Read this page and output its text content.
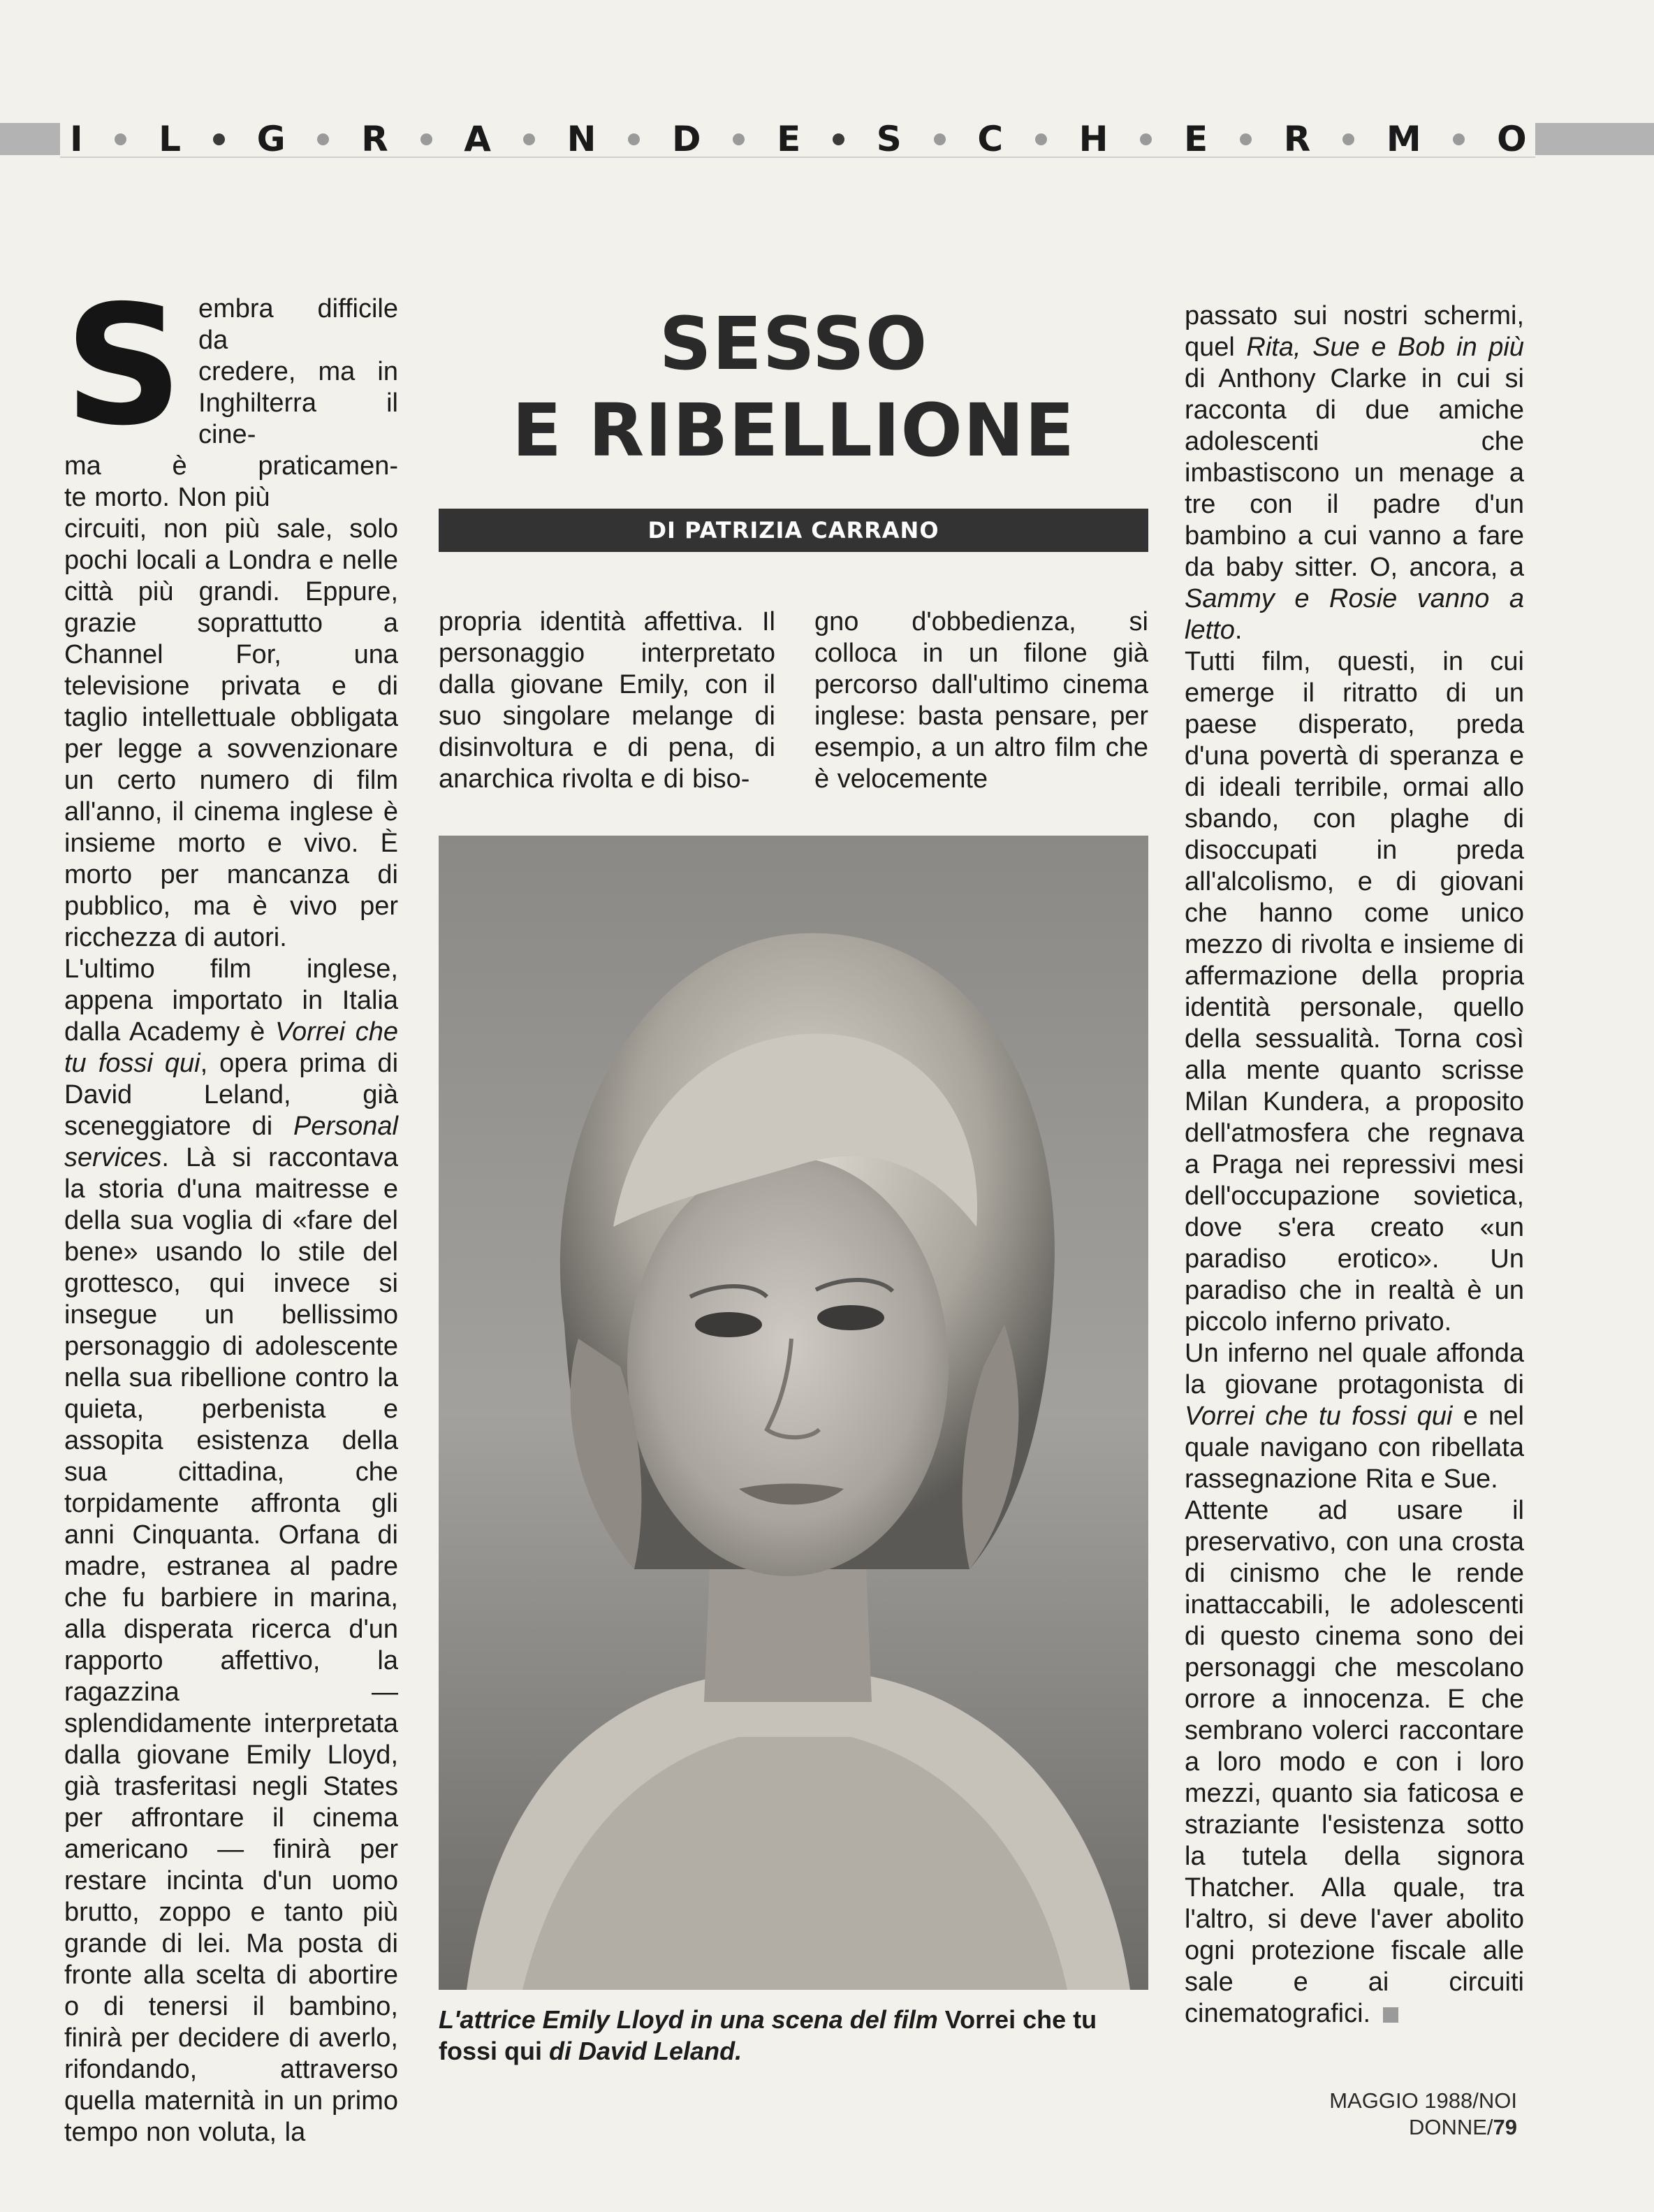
I L G R A N D E S C H E R M O
S embra difficile da
credere, ma in
Inghilterra il cine-
ma è praticamen-
te morto. Non più

circuiti, non più sale, solo pochi locali a Londra e nelle città più grandi. Eppure, grazie soprattutto a Channel For, una televisione privata e di taglio intellettuale obbligata per legge a sovvenzionare un certo numero di film all'anno, il cinema inglese è insieme morto e vivo. È morto per mancanza di pubblico, ma è vivo per ricchezza di autori.

L'ultimo film inglese, appena importato in Italia dalla Academy è Vorrei che tu fossi qui, opera prima di David Leland, già sceneggiatore di Personal services. Là si raccontava la storia d'una maitresse e della sua voglia di «fare del bene» usando lo stile del grottesco, qui invece si insegue un bellissimo personaggio di adolescente nella sua ribellione contro la quieta, perbenista e assopita esistenza della sua cittadina, che torpidamente affronta gli anni Cinquanta. Orfana di madre, estranea al padre che fu barbiere in marina, alla disperata ricerca d'un rapporto affettivo, la ragazzina — splendidamente interpretata dalla giovane Emily Lloyd, già trasferitasi negli States per affrontare il cinema americano — finirà per restare incinta d'un uomo brutto, zoppo e tanto più grande di lei. Ma posta di fronte alla scelta di abortire o di tenersi il bambino, finirà per decidere di averlo, rifondando, attraverso quella maternità in un primo tempo non voluta, la

SESSO
E RIBELLIONE
DI PATRIZIA CARRANO

propria identità affettiva. Il personaggio interpretato dalla giovane Emily, con il suo singolare melange di disinvoltura e di pena, di anarchica rivolta e di biso-

gno d'obbedienza, si colloca in un filone già percorso dall'ultimo cinema inglese: basta pensare, per esempio, a un altro film che è velocemente

L'attrice Emily Lloyd in una scena del film Vorrei che tu fossi qui di David Leland.

passato sui nostri schermi, quel Rita, Sue e Bob in più di Anthony Clarke in cui si racconta di due amiche adolescenti che imbastiscono un menage a tre con il padre d'un bambino a cui vanno a fare da baby sitter. O, ancora, a Sammy e Rosie vanno a letto.

Tutti film, questi, in cui emerge il ritratto di un paese disperato, preda d'una povertà di speranza e di ideali terribile, ormai allo sbando, con plaghe di disoccupati in preda all'alcolismo, e di giovani che hanno come unico mezzo di rivolta e insieme di affermazione della propria identità personale, quello della sessualità. Torna così alla mente quanto scrisse Milan Kundera, a proposito dell'atmosfera che regnava a Praga nei repressivi mesi dell'occupazione sovietica, dove s'era creato «un paradiso erotico». Un paradiso che in realtà è un piccolo inferno privato.

Un inferno nel quale affonda la giovane protagonista di Vorrei che tu fossi qui e nel quale navigano con ribellata rassegnazione Rita e Sue.

Attente ad usare il preservativo, con una crosta di cinismo che le rende inattaccabili, le adolescenti di questo cinema sono dei personaggi che mescolano orrore a innocenza. E che sembrano volerci raccontare a loro modo e con i loro mezzi, quanto sia faticosa e straziante l'esistenza sotto la tutela della signora Thatcher. Alla quale, tra l'altro, si deve l'aver abolito ogni protezione fiscale alle sale e ai circuiti cinematografici.

MAGGIO 1988/NOI DONNE/79
